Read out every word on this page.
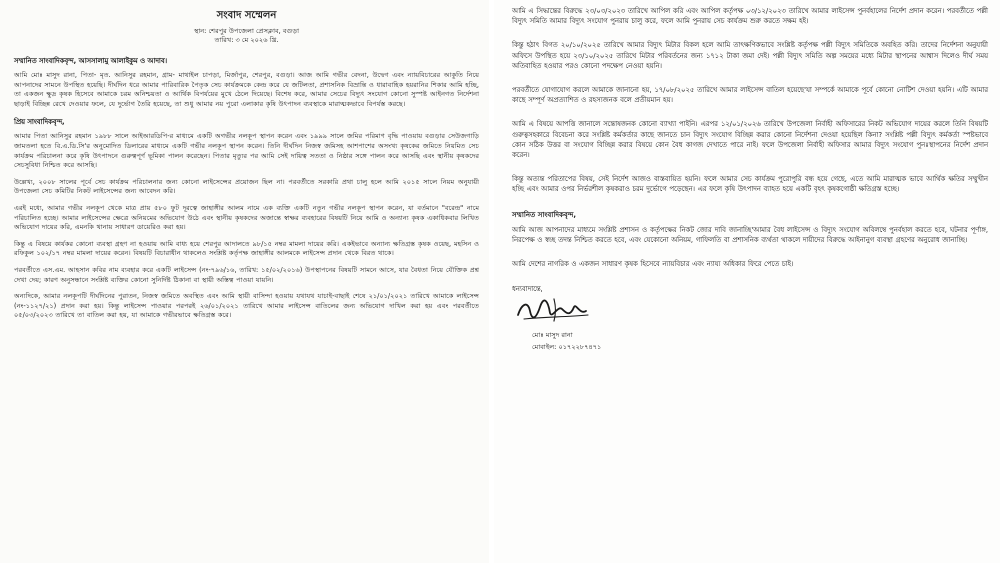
সংবাদ সম্মেলন
স্থান: শেরপুর উপজেলা প্রেসক্লাব, বগুড়া
তারিখ: ৩ মে ২০২৬ খ্রি.
সম্মানিত সাংবাদিকবৃন্দ, আসসালামু আলাইকুম ও আদাব।

আমি মোঃ মাসুদ রানা, পিতা- মৃত. আনিসুর রহমান, গ্রাম- মাথাইল চাপড়া, মির্জাপুর, শেরপুর, বগুড়া। আজ আমি গভীর বেদনা, উদ্বেগ এবং ন্যায়বিচারের আকুতি নিয়ে আপনাদের সামনে উপস্থিত হয়েছি। দীর্ঘদিন ধরে আমার পারিবারিক পৈতৃক সেচ কার্যক্রমকে কেন্দ্র করে যে জটিলতা, প্রশাসনিক বিভ্রান্তি ও ধারাবাহিক হয়রানির শিকার আমি হচ্ছি, তা একজন ক্ষুদ্র কৃষক হিসেবে আমাকে চরম অনিশ্চয়তা ও আর্থিক বিপর্যয়ের মুখে ঠেলে দিয়েছে। বিশেষ করে, আমার সেচের বিদ্যুৎ সংযোগ কোনো সুস্পষ্ট আইনগত নির্দেশনা ছাড়াই বিচ্ছিন্ন রেখে দেওয়ার ফলে, যে দুর্ভোগ তৈরি হয়েছে, তা শুধু আমার নয় পুরো এলাকার কৃষি উৎপাদন ব্যবস্থাকে মারাত্মকভাবে বিপর্যস্ত করছে।

প্রিয় সাংবাদিকবৃন্দ,

আমার পিতা আনিসুর রহমান ১৯৮৮ সালে আইআরডিপি-র মাধ্যমে একটি অগভীর নলকূপ স্থাপন করেন এবং ১৯৯৯ সালে জমির পরিমাণ বৃদ্ধি পাওয়ায় বগুড়ার সেউজগাড়ি জামতলা হতে বি.এ.ডি.সি'র অনুমোদিত ডিলারের মাধ্যমে একটি গভীর নলকূপ স্থাপন করেন। তিনি দীর্ঘদিন নিজস্ব জমিসহ আশপাশের অসংখ্য কৃষকের জমিতে নিয়মিত সেচ কার্যক্রম পরিচালনা করে কৃষি উৎপাদনে গুরুত্বপূর্ণ ভূমিকা পালন করেছেন। পিতার মৃত্যুর পর আমি সেই দায়িত্ব সততা ও নিষ্ঠার সঙ্গে পালন করে আসছি এবং স্থানীয় কৃষকদের সেচসুবিধা নিশ্চিত করে আসছি।

উল্লেখ্য, ২০০৮ সালের পূর্বে সেচ কার্যক্রম পরিচালনার জন্য কোনো লাইসেন্সের প্রয়োজন ছিল না। পরবর্তীতে সরকারি প্রথা চালু হলে আমি ২০১৫ সালে নিয়ম অনুযায়ী উপজেলা সেচ কমিটির নিকট লাইসেন্সের জন্য আবেদন করি।

এরই মধ্যে, আমার গভীর নলকূপ থেকে মাত্র প্রায় ৫৮০ ফুট দূরত্বে জাহাঙ্গীর আলম নামে এক ব্যক্তি একটি নতুন গভীর নলকূপ স্থাপন করেন, যা বর্তমানে "বরেন্দ্র" নামে পরিচালিত হচ্ছে। আমার লাইসেন্সের ক্ষেত্রে অনিয়মের অভিযোগ উঠে এবং স্থানীয় কৃষকদের অজান্তে স্বাক্ষর ব্যবহারের বিষয়টি নিয়ে আমি ও অন্যান্য কৃষক একাধিকবার লিখিত অভিযোগ দায়ের করি, এমনকি থানায় সাধারণ ডায়েরিও করা হয়।

কিন্তু এ বিষয়ে কার্যকর কোনো ব্যবস্থা গ্রহণ না হওয়ায় আমি বাধ্য হয়ে শেরপুর আদালতে ৯৮/১৫ নম্বর মামলা দায়ের করি। একইভাবে অন্যান্য ক্ষতিগ্রস্ত কৃষক ওয়েছ, মহসিন ও রফিকুল ১০২/১৭ নম্বর মামলা দায়ের করেন। বিষয়টি বিচারাধীন থাকলেও সংশ্লিষ্ট কর্তৃপক্ষ জাহাঙ্গীর আলমকে লাইসেন্স প্রদান থেকে বিরত থাকে।

পরবর্তীতে এস.এম. আহসান কবির নাম ব্যবহার করে একটি লাইসেন্স (নং-৭৯৬/১৬, তারিখ: ১৫/০২/২০১৬) উপস্থাপনের বিষয়টি সামনে আসে, যার বৈধতা নিয়ে যৌক্তিক প্রশ্ন দেখা দেয়; কারণ অনুসন্ধানে সংশ্লিষ্ট ব্যক্তির কোনো সুনির্দিষ্ট ঠিকানা বা স্থায়ী অস্তিত্ব পাওয়া যায়নি।

অন্যদিকে, আমার নলকূপটি দীর্ঘদিনের পুরাতন, নিজস্ব জমিতে অবস্থিত এবং আমি স্থায়ী বাসিন্দা হওয়ায় যথাযথ যাচাই-বাছাই শেষে ২১/০১/২০২১ তারিখে আমাকে লাইসেন্স (নং-১১২৭/২১) প্রদান করা হয়। কিন্তু লাইসেন্স পাওয়ার পরপরই ২৬/০১/২০২১ তারিখে আমার লাইসেন্স বাতিলের জন্য অভিযোগ দাখিল করা হয় এবং পরবর্তীতে ০৫/০৩/২০২৩ তারিখে তা বাতিল করা হয়, যা আমাকে গভীরভাবে ক্ষতিগ্রস্ত করে।

আমি এ সিদ্ধান্তের বিরুদ্ধে ২৩/০৩/২০২৩ তারিখে আপিল করি এবং আপিল কর্তৃপক্ষ ০৩/১২/২০২৩ তারিখে আমার লাইসেন্স পুনর্বহালের নির্দেশ প্রদান করেন। পরবর্তীতে পল্লী বিদ্যুৎ সমিতি আমার বিদ্যুৎ সংযোগ পুনরায় চালু করে, ফলে আমি পুনরায় সেচ কার্যক্রম শুরু করতে সক্ষম হই।

কিন্তু হঠাৎ বিগত ২০/১০/২০২৫ তারিখে আমার বিদ্যুৎ মিটার বিকল হলে আমি তাৎক্ষণিকভাবে সংশ্লিষ্ট কর্তৃপক্ষ পল্লী বিদ্যুৎ সমিতিকে অবহিত করি। তাদের নির্দেশনা অনুযায়ী অফিসে উপস্থিত হয়ে ২৩/১০/২০২৫ তারিখে মিটার পরিবর্তনের জন্য ১৭১২ টাকা জমা দেই। পল্লী বিদ্যুৎ সমিতি অল্প সময়ের মধ্যে মিটার স্থাপনের আশ্বাস দিলেও দীর্ঘ সময় অতিবাহিত হওয়ার পরও কোনো পদক্ষেপ নেওয়া হয়নি।

পরবর্তীতে যোগাযোগ করলে আমাকে জানানো হয়, ১৭/০৮/২০২৫ তারিখে আমার লাইসেন্স বাতিল হয়েছে'যা সম্পর্কে আমাকে পূর্বে কোনো নোটিশ দেওয়া হয়নি। এটি আমার কাছে সম্পূর্ণ অপ্রত্যাশিত ও রহস্যজনক বলে প্রতীয়মান হয়।

আমি এ বিষয়ে আপত্তি জানালে সন্তোষজনক কোনো ব্যাখ্যা পাইনি। এরপর ১২/০১/২০২৬ তারিখে উপজেলা নির্বাহী অফিসারের নিকট অভিযোগ দায়ের করলে তিনি বিষয়টি গুরুত্বসহকারে বিবেচনা করে সংশ্লিষ্ট কর্মকর্তার কাছে জানতে চান বিদ্যুৎ সংযোগ বিচ্ছিন্ন করার কোনো নির্দেশনা দেওয়া হয়েছিল কিনা? সংশ্লিষ্ট পল্লী বিদ্যুৎ কর্মকর্তা স্পষ্টভাবে কোন সঠিক উত্তর বা সংযোগ বিচ্ছিন্ন করার বিষয়ে কোন বৈধ কাগজ দেখাতে পারে নাই। ফলে উপজেলা নির্বাহী অফিসার আমার বিদ্যুৎ সংযোগ পুনঃস্থাপনের নির্দেশ প্রদান করেন।

কিন্তু অত্যন্ত পরিতাপের বিষয়, সেই নির্দেশ আজও বাস্তবায়িত হয়নি। ফলে আমার সেচ কার্যক্রম পুরোপুরি বন্ধ হয়ে গেছে, এতে আমি মারাত্মক ভাবে আর্থিক ক্ষতির সম্মুখীন হচ্ছি এবং আমার ওপর নির্ভরশীল কৃষকরাও চরম দুর্ভোগে পড়েছেন। এর ফলে কৃষি উৎপাদন ব্যাহত হয়ে একটি বৃহৎ কৃষকগোষ্ঠী ক্ষতিগ্রস্ত হচ্ছে।

সম্মানিত সাংবাদিকবৃন্দ,

আমি আজ আপনাদের মাধ্যমে সংশ্লিষ্ট প্রশাসন ও কর্তৃপক্ষের নিকট জোর দাবি জানাচ্ছি'আমার বৈধ লাইসেন্স ও বিদ্যুৎ সংযোগ অবিলম্বে পুনর্বহাল করতে হবে, ঘটনার পূর্ণাঙ্গ, নিরপেক্ষ ও স্বচ্ছ তদন্ত নিশ্চিত করতে হবে, এবং যেকোনো অনিয়ম, গাফিলতি বা প্রশাসনিক ব্যর্থতা থাকলে দায়ীদের বিরুদ্ধে আইনানুগ ব্যবস্থা গ্রহণের অনুরোধ জানাচ্ছি।

আমি দেশের নাগরিক ও একজন সাধারণ কৃষক হিসেবে ন্যায়বিচার এবং ন্যায্য অধিকার ফিরে পেতে চাই।

ধন্যবাদান্তে,
মোঃ মাসুদ রানা
মোবাইল: ০১৭২২৮৭৪৭১
